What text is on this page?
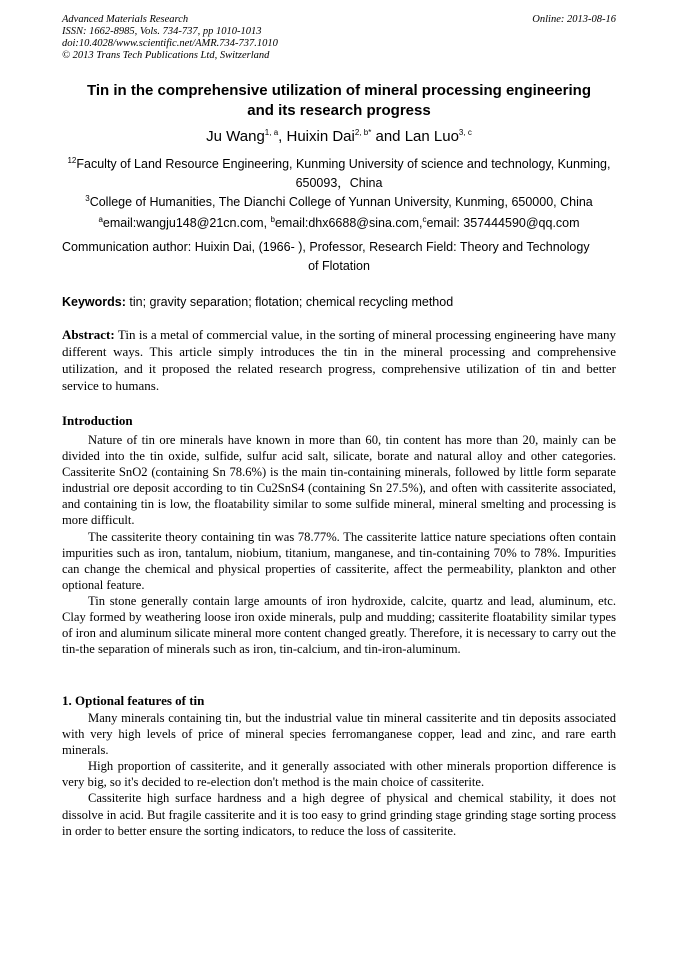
Advanced Materials Research
ISSN: 1662-8985, Vols. 734-737, pp 1010-1013
doi:10.4028/www.scientific.net/AMR.734-737.1010
© 2013 Trans Tech Publications Ltd, Switzerland
Online: 2013-08-16
Tin in the comprehensive utilization of mineral processing engineering
and its research progress
Ju Wang$^{1, a}$, Huixin Dai$^{2, b*}$ and Lan Luo$^{3, c}$
$^{12}$Faculty of Land Resource Engineering, Kunming University of science and technology, Kunming, 650093，China
$^3$College of Humanities, The Dianchi College of Yunnan University, Kunming, 650000, China
$^a$email:wangju148@21cn.com, $^b$email:dhx6688@sina.com,$^c$email: 357444590@qq.com
Communication author: Huixin Dai, (1966- ), Professor, Research Field: Theory and Technology
of Flotation
Keywords: tin; gravity separation; flotation; chemical recycling method
Abstract: Tin is a metal of commercial value, in the sorting of mineral processing engineering have many different ways. This article simply introduces the tin in the mineral processing and comprehensive utilization, and it proposed the related research progress, comprehensive utilization of tin and better service to humans.
Introduction

Nature of tin ore minerals have known in more than 60, tin content has more than 20, mainly can be divided into the tin oxide, sulfide, sulfur acid salt, silicate, borate and natural alloy and other categories. Cassiterite SnO2 (containing Sn 78.6%) is the main tin-containing minerals, followed by little form separate industrial ore deposit according to tin Cu2SnS4 (containing Sn 27.5%), and often with cassiterite associated, and containing tin is low, the floatability similar to some sulfide mineral, mineral smelting and processing is more difficult.

The cassiterite theory containing tin was 78.77%. The cassiterite lattice nature speciations often contain impurities such as iron, tantalum, niobium, titanium, manganese, and tin-containing 70% to 78%. Impurities can change the chemical and physical properties of cassiterite, affect the permeability, plankton and other optional feature.

Tin stone generally contain large amounts of iron hydroxide, calcite, quartz and lead, aluminum, etc. Clay formed by weathering loose iron oxide minerals, pulp and mudding; cassiterite floatability similar types of iron and aluminum silicate mineral more content changed greatly. Therefore, it is necessary to carry out the tin-the separation of minerals such as iron, tin-calcium, and tin-iron-aluminum.

1. Optional features of tin

Many minerals containing tin, but the industrial value tin mineral cassiterite and tin deposits associated with very high levels of price of mineral species ferromanganese copper, lead and zinc, and rare earth minerals.

High proportion of cassiterite, and it generally associated with other minerals proportion difference is very big, so it's decided to re-election don't method is the main choice of cassiterite.

Cassiterite high surface hardness and a high degree of physical and chemical stability, it does not dissolve in acid. But fragile cassiterite and it is too easy to grind grinding stage grinding stage sorting process in order to better ensure the sorting indicators, to reduce the loss of cassiterite.
